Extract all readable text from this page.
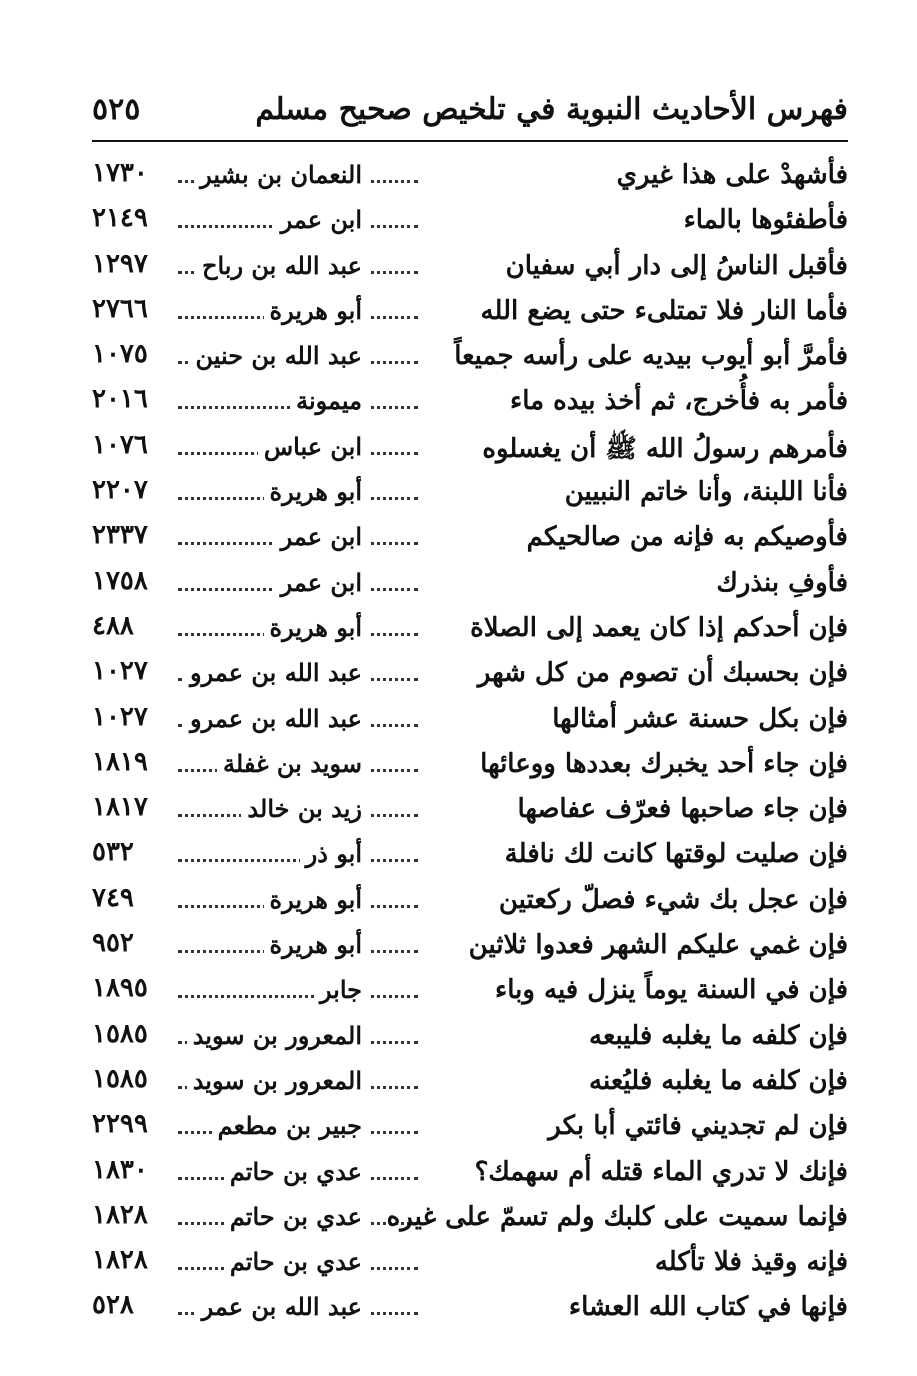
فهرس الأحاديث النبوية في تلخيص صحيح مسلم
٥٢٥
فأشهدْ على هذا غيري
النعمان بن بشير
١٧٣٠
فأطفئوها بالماء
ابن عمر
٢١٤٩
فأقبل الناسُ إلى دار أبي سفيان
عبد الله بن رباح
١٢٩٧
فأما النار فلا تمتلىء حتى يضع الله
أبو هريرة
٢٧٦٦
فأمرَّ أبو أيوب بيديه على رأسه جميعاً
عبد الله بن حنين
١٠٧٥
فأمر به فأُخرج، ثم أخذ بيده ماء
ميمونة
٢٠١٦
فأمرهم رسولُ الله ﷺ أن يغسلوه
ابن عباس
١٠٧٦
فأنا اللبنة، وأنا خاتم النبيين
أبو هريرة
٢٢٠٧
فأوصيكم به فإنه من صالحيكم
ابن عمر
٢٣٣٧
فأوفِ بنذرك
ابن عمر
١٧٥٨
فإن أحدكم إذا كان يعمد إلى الصلاة
أبو هريرة
٤٨٨
فإن بحسبك أن تصوم من كل شهر
عبد الله بن عمرو
١٠٢٧
فإن بكل حسنة عشر أمثالها
عبد الله بن عمرو
١٠٢٧
فإن جاء أحد يخبرك بعددها ووعائها
سويد بن غفلة
١٨١٩
فإن جاء صاحبها فعرّف عفاصها
زيد بن خالد
١٨١٧
فإن صليت لوقتها كانت لك نافلة
أبو ذر
٥٣٢
فإن عجل بك شيء فصلّ ركعتين
أبو هريرة
٧٤٩
فإن غمي عليكم الشهر فعدوا ثلاثين
أبو هريرة
٩٥٢
فإن في السنة يوماً ينزل فيه وباء
جابر
١٨٩٥
فإن كلفه ما يغلبه فليبعه
المعرور بن سويد
١٥٨٥
فإن كلفه ما يغلبه فليُعنه
المعرور بن سويد
١٥٨٥
فإن لم تجديني فائتي أبا بكر
جبير بن مطعم
٢٢٩٩
فإنك لا تدري الماء قتله أم سهمك؟
عدي بن حاتم
١٨٣٠
فإنما سميت على كلبك ولم تسمّ على غيره
عدي بن حاتم
١٨٢٨
فإنه وقيذ فلا تأكله
عدي بن حاتم
١٨٢٨
فإنها في كتاب الله العشاء
عبد الله بن عمر
٥٢٨
